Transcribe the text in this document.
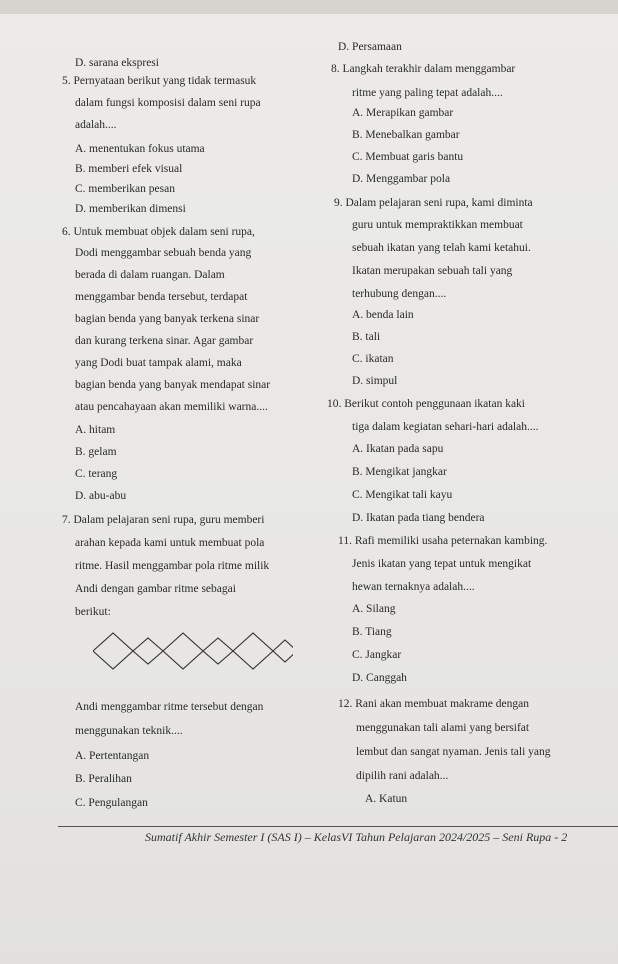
D. sarana ekspresi
5. Pernyataan berikut yang tidak termasuk
dalam fungsi komposisi dalam seni rupa
adalah....
A. menentukan fokus utama
B. memberi efek visual
C. memberikan pesan
D. memberikan dimensi
6. Untuk membuat objek dalam seni rupa,
Dodi menggambar sebuah benda yang
berada di dalam ruangan. Dalam
menggambar benda tersebut, terdapat
bagian benda yang banyak terkena sinar
dan kurang terkena sinar. Agar gambar
yang Dodi buat tampak alami, maka
bagian benda yang banyak mendapat sinar
atau pencahayaan akan memiliki warna....
A. hitam
B. gelam
C. terang
D. abu-abu
7. Dalam pelajaran seni rupa, guru memberi
arahan kepada kami untuk membuat pola
ritme. Hasil menggambar pola ritme milik
Andi dengan gambar ritme sebagai
berikut:
Andi menggambar ritme tersebut dengan
menggunakan teknik....
A. Pertentangan
B. Peralihan
C. Pengulangan
D. Persamaan
8. Langkah terakhir dalam menggambar
ritme yang paling tepat adalah....
A. Merapikan gambar
B. Menebalkan gambar
C. Membuat garis bantu
D. Menggambar pola
9. Dalam pelajaran seni rupa, kami diminta
guru untuk mempraktikkan membuat
sebuah ikatan yang telah kami ketahui.
Ikatan merupakan sebuah tali yang
terhubung dengan....
A. benda lain
B. tali
C. ikatan
D. simpul
10. Berikut contoh penggunaan ikatan kaki
tiga dalam kegiatan sehari-hari adalah....
A. Ikatan pada sapu
B. Mengikat jangkar
C. Mengikat tali kayu
D. Ikatan pada tiang bendera
11. Rafi memiliki usaha peternakan kambing.
Jenis ikatan yang tepat untuk mengikat
hewan ternaknya adalah....
A. Silang
B. Tiang
C. Jangkar
D. Canggah
12. Rani akan membuat makrame dengan
menggunakan tali alami yang bersifat
lembut dan sangat nyaman. Jenis tali yang
dipilih rani adalah...
A. Katun
Sumatif Akhir Semester I (SAS I) – KelasVI Tahun Pelajaran 2024/2025 – Seni Rupa - 2
